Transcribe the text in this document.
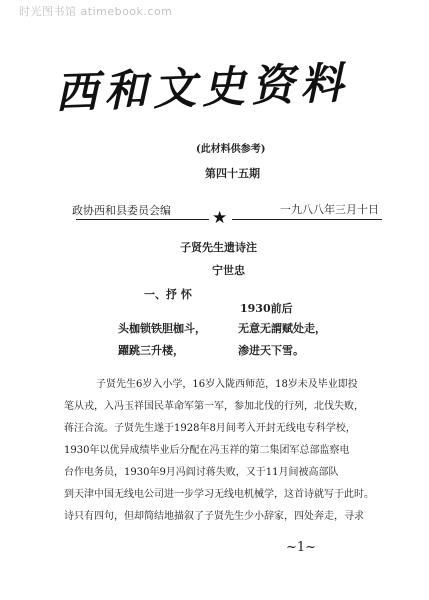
时光图书馆 atimebook.com
西和文史资料
(此材料供参考)
第四十五期
政协西和县委员会编	一九八八年三月十日
★
子贤先生遗诗注
宁世忠
一、抒 怀
1930前后
头枷锁铁胆枷斗，	无意无謂赋处走，
躍跳三升楼，	渗进天下雪。
子贤先生6岁入小学，16岁入陇西师范，18岁未及毕业即投
笔从戎，入冯玉祥国民革命军第一军，参加北伐的行列，北伐失败，
蒋汪合流。子贤先生遂于1928年8月间考入开封无线电专科学校，
1930年以优异成绩毕业后分配在冯玉祥的第二集团军总部监察电
台作电务员，1930年9月冯阎讨蒋失败，又于11月间被高部队
到天津中国无线电公司进一步学习无线电机械学，这首诗就写于此时。
诗只有四句，但却简结地描叙了子贤先生少小辞家，四处奔走，寻求
~1~
